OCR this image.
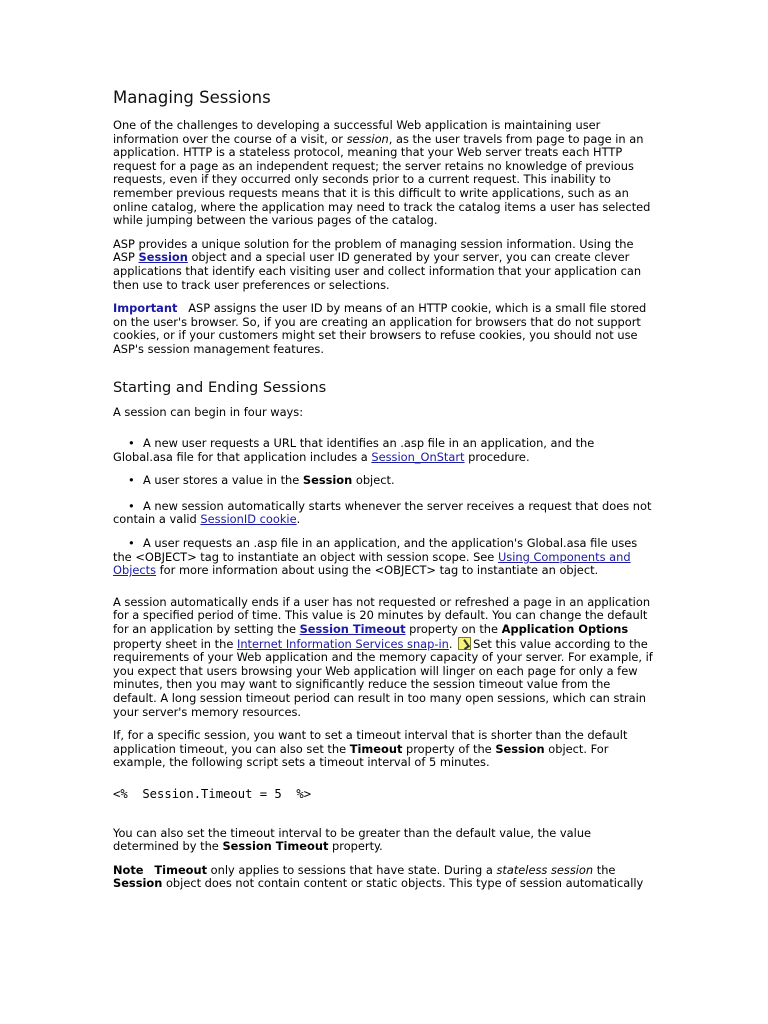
Managing Sessions

One of the challenges to developing a successful Web application is maintaining user information over the course of a visit, or session, as the user travels from page to page in an application. HTTP is a stateless protocol, meaning that your Web server treats each HTTP request for a page as an independent request; the server retains no knowledge of previous requests, even if they occurred only seconds prior to a current request. This inability to remember previous requests means that it is this difficult to write applications, such as an online catalog, where the application may need to track the catalog items a user has selected while jumping between the various pages of the catalog.

ASP provides a unique solution for the problem of managing session information. Using the ASP Session object and a special user ID generated by your server, you can create clever applications that identify each visiting user and collect information that your application can then use to track user preferences or selections.

Important ASP assigns the user ID by means of an HTTP cookie, which is a small file stored on the user's browser. So, if you are creating an application for browsers that do not support cookies, or if your customers might set their browsers to refuse cookies, you should not use ASP's session management features.

Starting and Ending Sessions

A session can begin in four ways:

• A new user requests a URL that identifies an .asp file in an application, and the Global.asa file for that application includes a Session_OnStart procedure.
• A user stores a value in the Session object.
• A new session automatically starts whenever the server receives a request that does not contain a valid SessionID cookie.
• A user requests an .asp file in an application, and the application's Global.asa file uses the <OBJECT> tag to instantiate an object with session scope. See Using Components and Objects for more information about using the <OBJECT> tag to instantiate an object.

A session automatically ends if a user has not requested or refreshed a page in an application for a specified period of time. This value is 20 minutes by default. You can change the default for an application by setting the Session Timeout property on the Application Options property sheet in the Internet Information Services snap-in. Set this value according to the requirements of your Web application and the memory capacity of your server. For example, if you expect that users browsing your Web application will linger on each page for only a few minutes, then you may want to significantly reduce the session timeout value from the default. A long session timeout period can result in too many open sessions, which can strain your server's memory resources.

If, for a specific session, you want to set a timeout interval that is shorter than the default application timeout, you can also set the Timeout property of the Session object. For example, the following script sets a timeout interval of 5 minutes.

<%  Session.Timeout = 5  %>

You can also set the timeout interval to be greater than the default value, the value determined by the Session Timeout property.

Note Timeout only applies to sessions that have state. During a stateless session the Session object does not contain content or static objects. This type of session automatically
